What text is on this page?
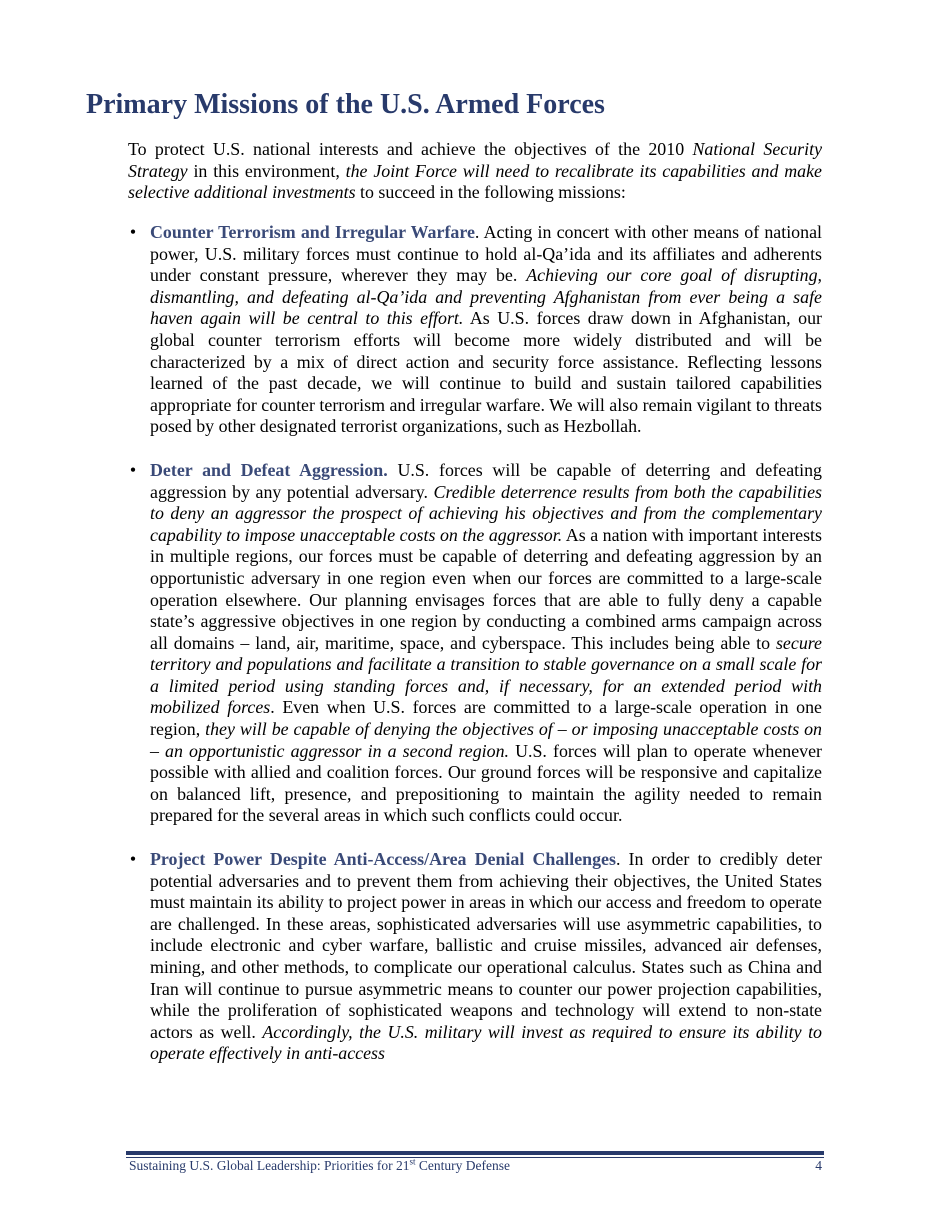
Primary Missions of the U.S. Armed Forces

To protect U.S. national interests and achieve the objectives of the 2010 National Security Strategy in this environment, the Joint Force will need to recalibrate its capabilities and make selective additional investments to succeed in the following missions:

• Counter Terrorism and Irregular Warfare. Acting in concert with other means of national power, U.S. military forces must continue to hold al-Qa’ida and its affiliates and adherents under constant pressure, wherever they may be. Achieving our core goal of disrupting, dismantling, and defeating al-Qa’ida and preventing Afghanistan from ever being a safe haven again will be central to this effort. As U.S. forces draw down in Afghanistan, our global counter terrorism efforts will become more widely distributed and will be characterized by a mix of direct action and security force assistance. Reflecting lessons learned of the past decade, we will continue to build and sustain tailored capabilities appropriate for counter terrorism and irregular warfare. We will also remain vigilant to threats posed by other designated terrorist organizations, such as Hezbollah.
• Deter and Defeat Aggression. U.S. forces will be capable of deterring and defeating aggression by any potential adversary. Credible deterrence results from both the capabilities to deny an aggressor the prospect of achieving his objectives and from the complementary capability to impose unacceptable costs on the aggressor. As a nation with important interests in multiple regions, our forces must be capable of deterring and defeating aggression by an opportunistic adversary in one region even when our forces are committed to a large-scale operation elsewhere. Our planning envisages forces that are able to fully deny a capable state’s aggressive objectives in one region by conducting a combined arms campaign across all domains – land, air, maritime, space, and cyberspace. This includes being able to secure territory and populations and facilitate a transition to stable governance on a small scale for a limited period using standing forces and, if necessary, for an extended period with mobilized forces. Even when U.S. forces are committed to a large-scale operation in one region, they will be capable of denying the objectives of – or imposing unacceptable costs on – an opportunistic aggressor in a second region. U.S. forces will plan to operate whenever possible with allied and coalition forces. Our ground forces will be responsive and capitalize on balanced lift, presence, and prepositioning to maintain the agility needed to remain prepared for the several areas in which such conflicts could occur.
• Project Power Despite Anti-Access/Area Denial Challenges. In order to credibly deter potential adversaries and to prevent them from achieving their objectives, the United States must maintain its ability to project power in areas in which our access and freedom to operate are challenged. In these areas, sophisticated adversaries will use asymmetric capabilities, to include electronic and cyber warfare, ballistic and cruise missiles, advanced air defenses, mining, and other methods, to complicate our operational calculus. States such as China and Iran will continue to pursue asymmetric means to counter our power projection capabilities, while the proliferation of sophisticated weapons and technology will extend to non-state actors as well. Accordingly, the U.S. military will invest as required to ensure its ability to operate effectively in anti-access
Sustaining U.S. Global Leadership: Priorities for 21st Century Defense	4
